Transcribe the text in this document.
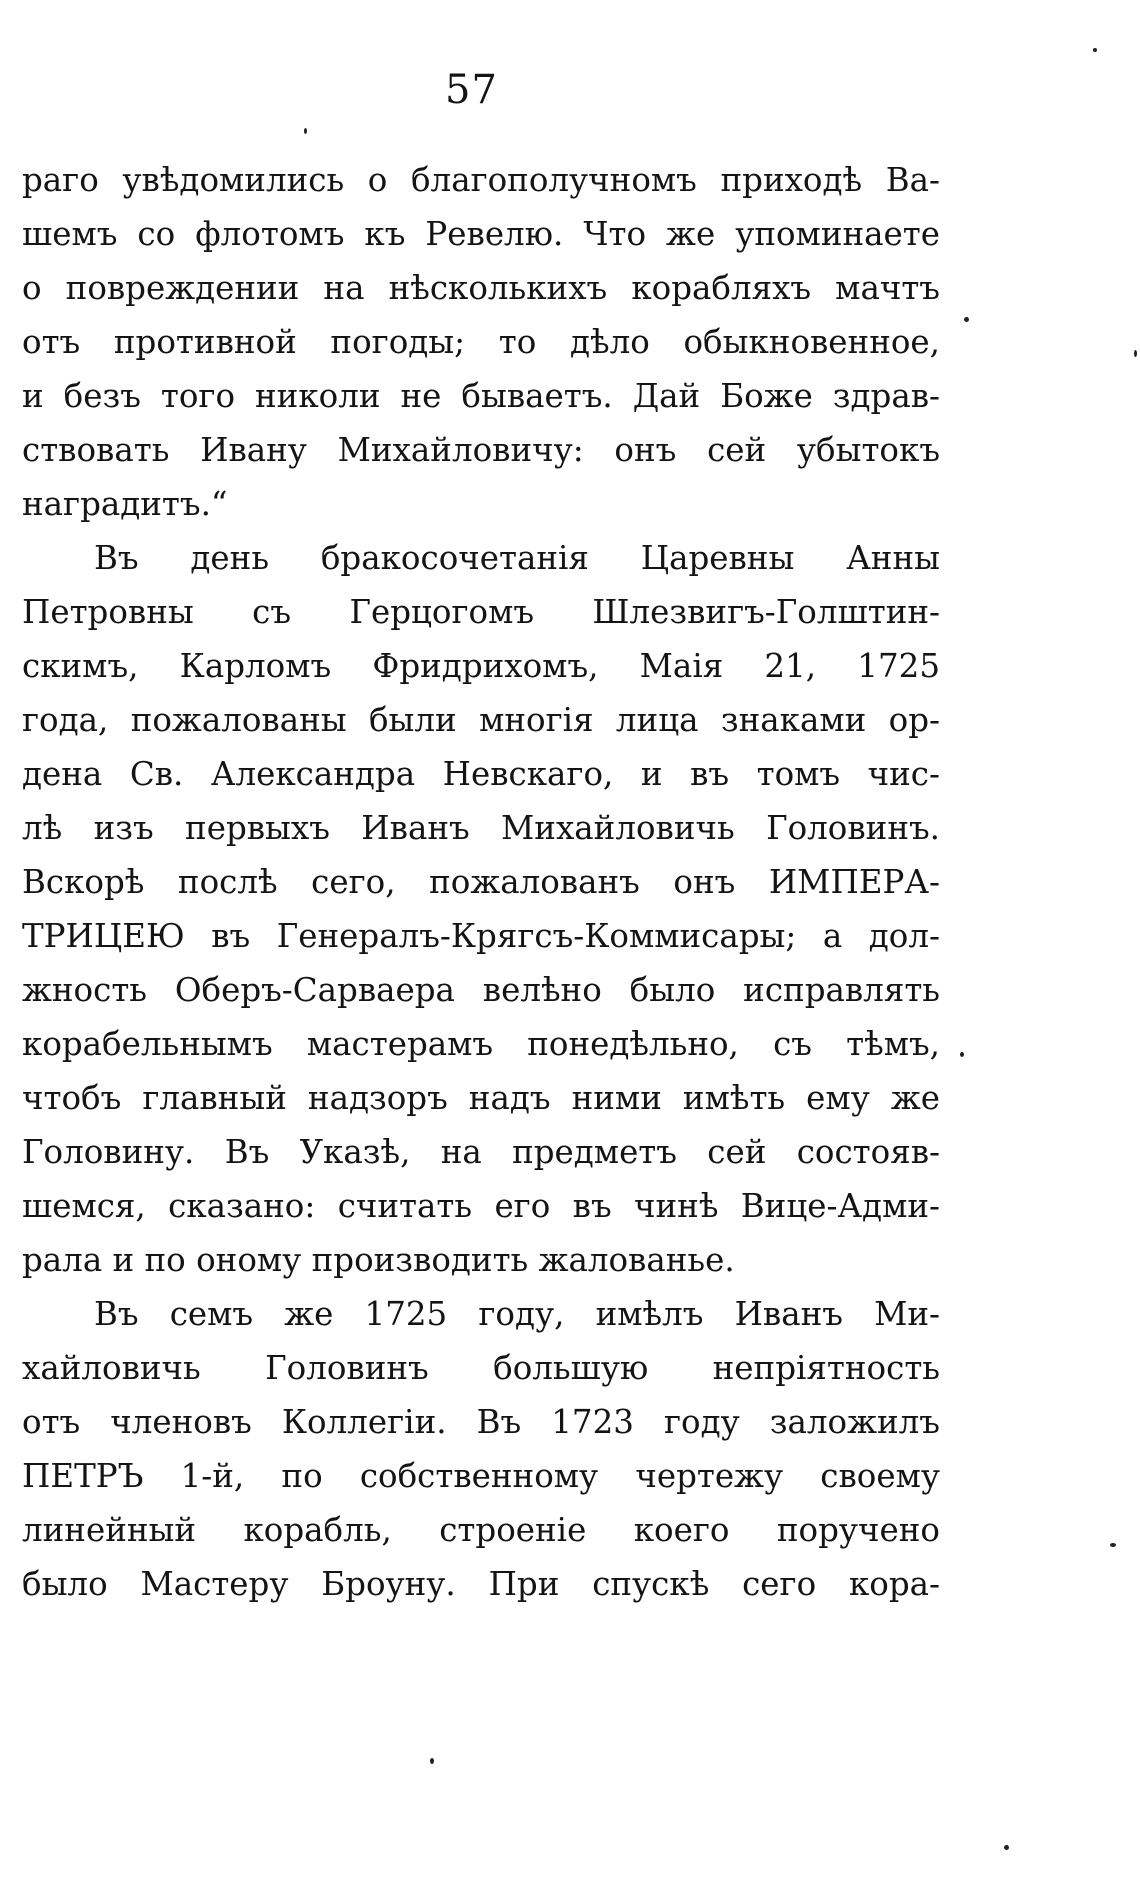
57
раго увѣдомились о благополучномъ приходѣ Ва-
шемъ со флотомъ къ Ревелю. Что же упоминаете
о повреждении на нѣсколькихъ корабляхъ мачтъ
отъ противной погоды; то дѣло обыкновенное,
и безъ того николи не бываетъ. Дай Боже здрав-
ствовать Ивану Михайловичу: онъ сей убытокъ
наградитъ.“
Въ день бракосочетанія Царевны Анны
Петровны съ Герцогомъ Шлезвигъ-Голштин-
скимъ, Карломъ Фридрихомъ, Маія 21, 1725
года, пожалованы были многія лица знаками ор-
дена Св. Александра Невскаго, и въ томъ чис-
лѣ изъ первыхъ Иванъ Михайловичь Головинъ.
Вскорѣ послѣ сего, пожалованъ онъ ИМПЕРА-
ТРИЦЕЮ въ Генералъ-Крягсъ-Коммисары; а дол-
жность Оберъ-Сарваера велѣно было исправлять
корабельнымъ мастерамъ понедѣльно, съ тѣмъ,
чтобъ главный надзоръ надъ ними имѣть ему же
Головину. Въ Указѣ, на предметъ сей состояв-
шемся, сказано: считать его въ чинѣ Вице-Адми-
рала и по оному производить жалованье.
Въ семъ же 1725 году, имѣлъ Иванъ Ми-
хайловичь Головинъ большую непріятность
отъ членовъ Коллегіи. Въ 1723 году заложилъ
ПЕТРЪ 1-й, по собственному чертежу своему
линейный корабль, строеніе коего поручено
было Мастеру Броуну. При спускѣ сего кора-
